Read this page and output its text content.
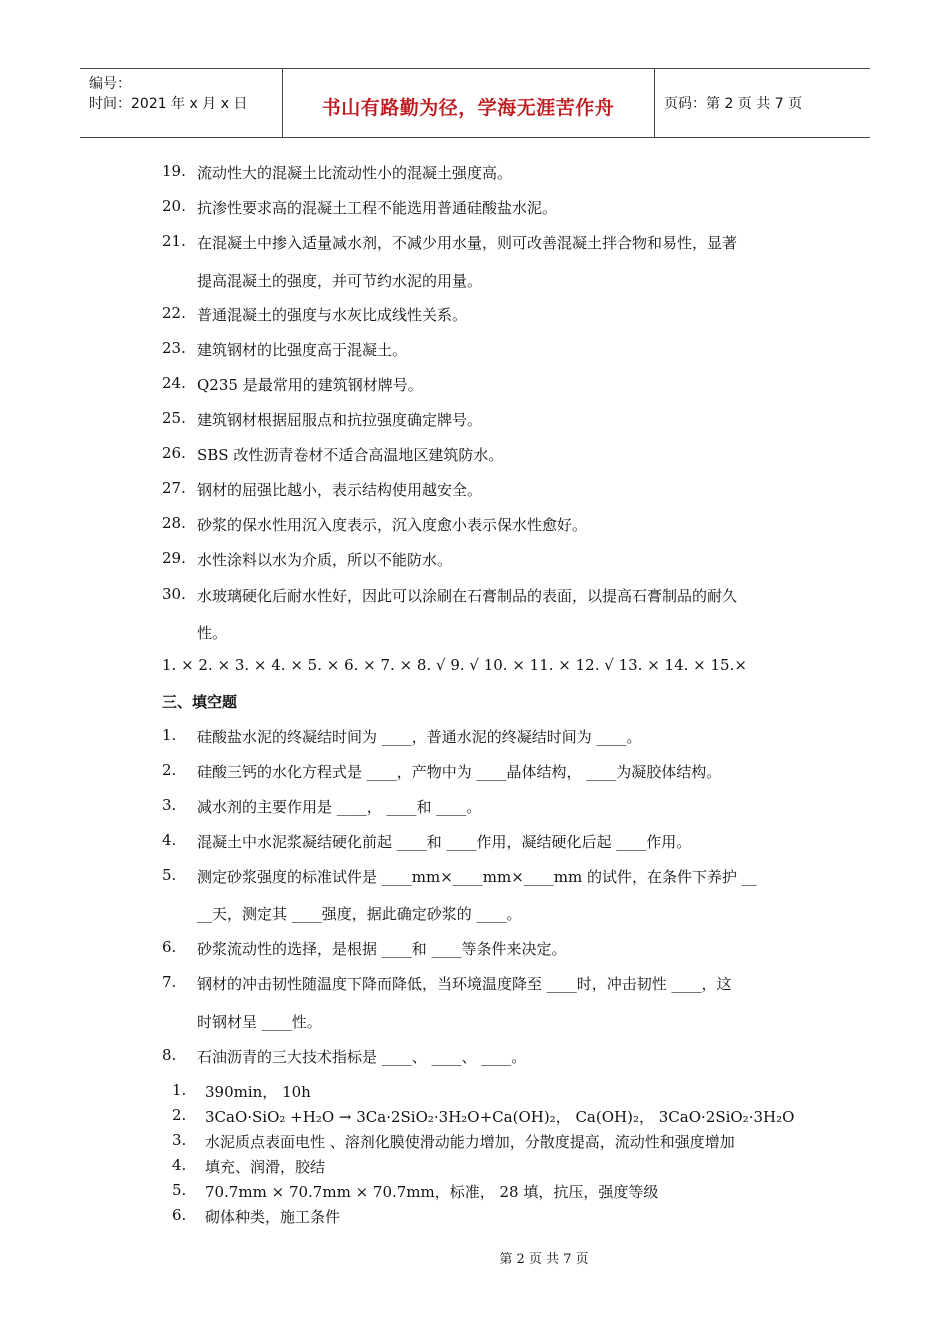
编号：
时间：2021 年 x 月 x 日	书山有路勤为径，学海无涯苦作舟	页码：第 2 页 共 7 页
19. 流动性大的混凝土比流动性小的混凝土强度高。
20. 抗渗性要求高的混凝土工程不能选用普通硅酸盐水泥。
21. 在混凝土中掺入适量减水剂，不减少用水量，则可改善混凝土拌合物和易性，显著
提高混凝土的强度，并可节约水泥的用量。
22. 普通混凝土的强度与水灰比成线性关系。
23. 建筑钢材的比强度高于混凝土。
24. Q235 是最常用的建筑钢材牌号。
25. 建筑钢材根据屈服点和抗拉强度确定牌号。
26. SBS 改性沥青卷材不适合高温地区建筑防水。
27. 钢材的屈强比越小，表示结构使用越安全。
28. 砂浆的保水性用沉入度表示，沉入度愈小表示保水性愈好。
29. 水性涂料以水为介质，所以不能防水。
30. 水玻璃硬化后耐水性好，因此可以涂刷在石膏制品的表面，以提高石膏制品的耐久
性。
1. × 2. × 3. × 4. × 5. × 6. × 7. × 8. √ 9. √ 10. × 11. × 12. √ 13. × 14. × 15.×
三、填空题
1. 硅酸盐水泥的终凝结时间为 ____，普通水泥的终凝结时间为 ____。
2. 硅酸三钙的水化方程式是 ____，产物中为 ____晶体结构， ____为凝胶体结构。
3. 减水剂的主要作用是 ____， ____和 ____。
4. 混凝土中水泥浆凝结硬化前起 ____和 ____作用，凝结硬化后起 ____作用。
5. 测定砂浆强度的标准试件是 ____mm×____mm×____mm 的试件，在条件下养护 __
__天，测定其 ____强度，据此确定砂浆的 ____。
6. 砂浆流动性的选择，是根据 ____和 ____等条件来决定。
7. 钢材的冲击韧性随温度下降而降低，当环境温度降至 ____时，冲击韧性 ____，这
时钢材呈 ____性。
8. 石油沥青的三大技术指标是 ____、 ____、 ____。
1. 390min， 10h
2. 3CaO·SiO₂ +H₂O → 3Ca·2SiO₂·3H₂O+Ca(OH)₂， Ca(OH)₂， 3CaO·2SiO₂·3H₂O
3. 水泥质点表面电性 、溶剂化膜使滑动能力增加，分散度提高，流动性和强度增加
4. 填充、润滑，胶结
5. 70.7mm × 70.7mm × 70.7mm，标准， 28 填，抗压，强度等级
6. 砌体种类，施工条件
第 2 页 共 7 页
